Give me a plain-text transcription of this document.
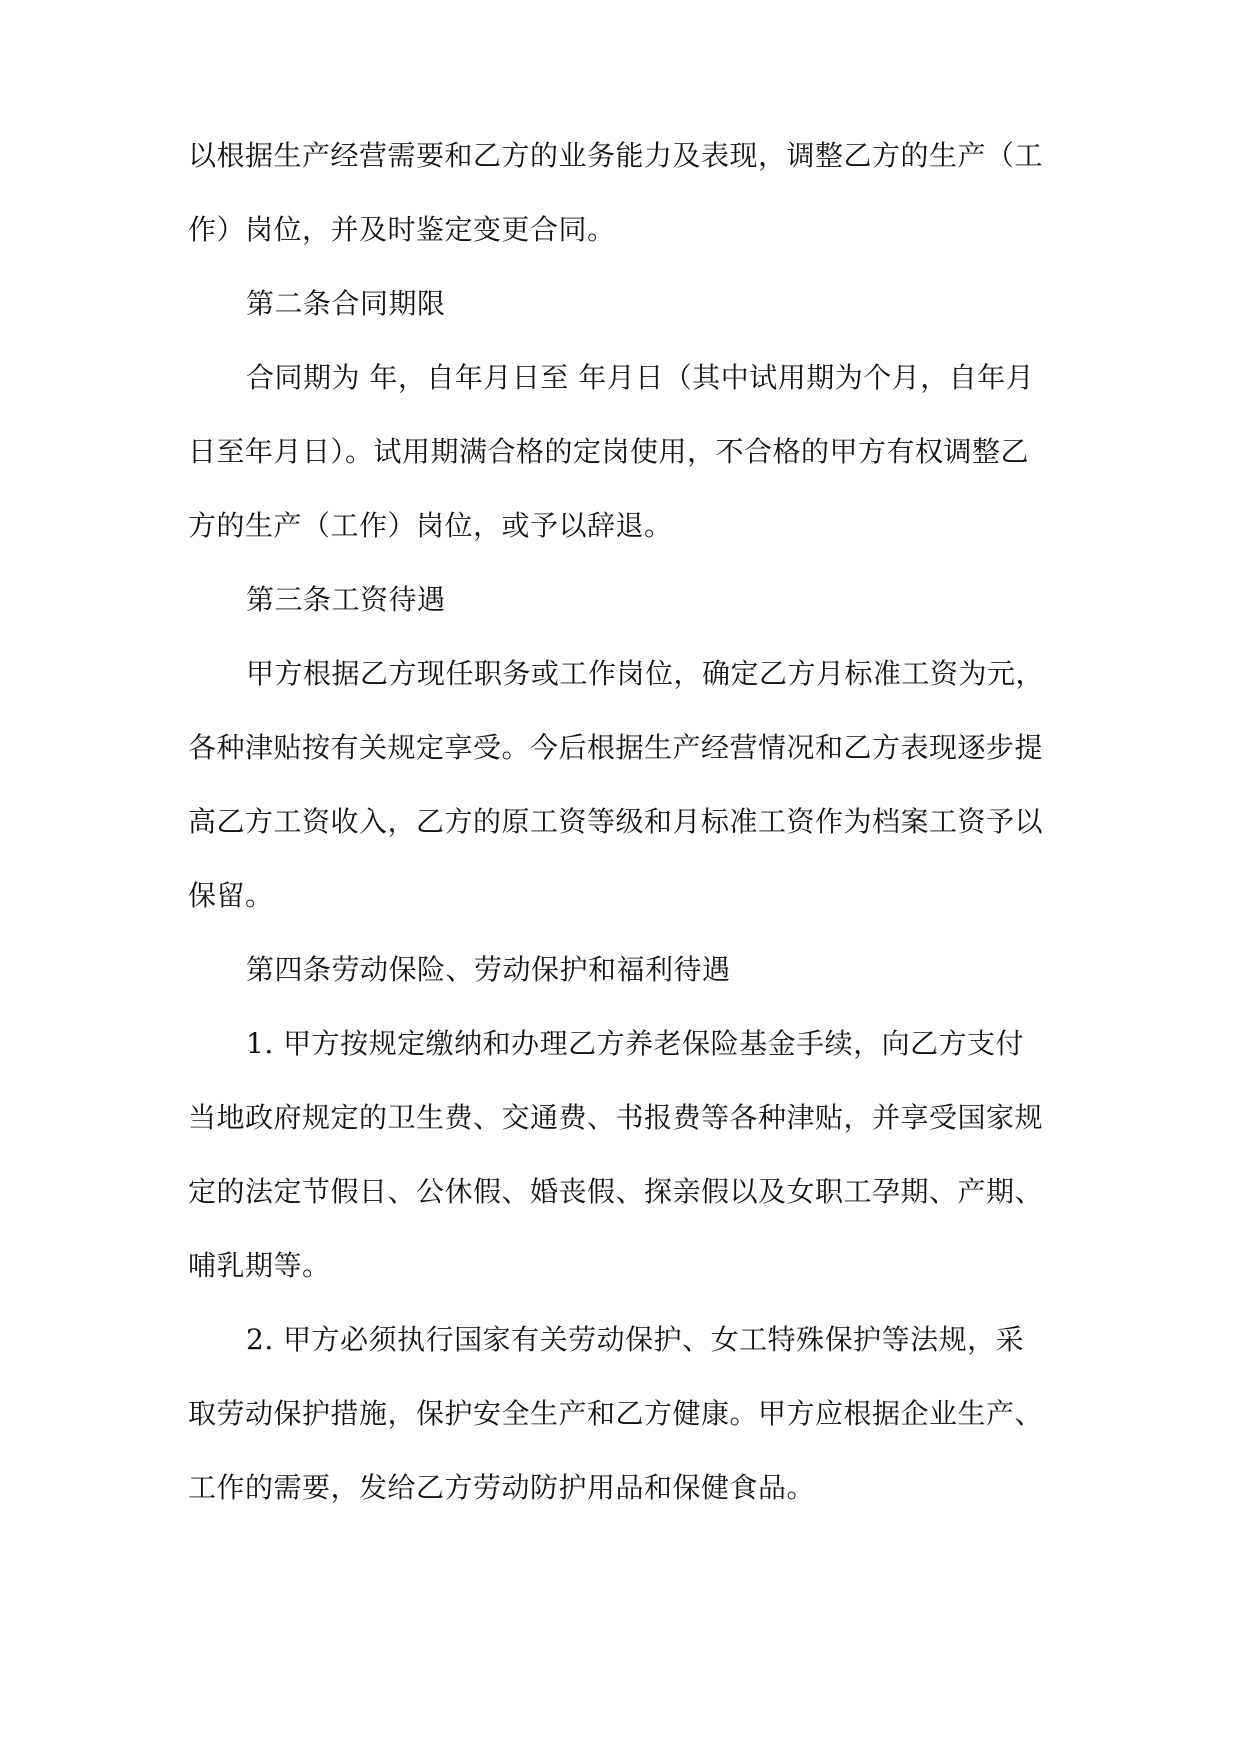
以根据生产经营需要和乙方的业务能力及表现，调整乙方的生产（工
作）岗位，并及时鉴定变更合同。
第二条合同期限
合同期为 年，自年月日至 年月日（其中试用期为个月，自年月
日至年月日）。试用期满合格的定岗使用，不合格的甲方有权调整乙
方的生产（工作）岗位，或予以辞退。
第三条工资待遇
甲方根据乙方现任职务或工作岗位，确定乙方月标准工资为元，
各种津贴按有关规定享受。今后根据生产经营情况和乙方表现逐步提
高乙方工资收入，乙方的原工资等级和月标准工资作为档案工资予以
保留。
第四条劳动保险、劳动保护和福利待遇
1. 甲方按规定缴纳和办理乙方养老保险基金手续，向乙方支付
当地政府规定的卫生费、交通费、书报费等各种津贴，并享受国家规
定的法定节假日、公休假、婚丧假、探亲假以及女职工孕期、产期、
哺乳期等。
2. 甲方必须执行国家有关劳动保护、女工特殊保护等法规，采
取劳动保护措施，保护安全生产和乙方健康。甲方应根据企业生产、
工作的需要，发给乙方劳动防护用品和保健食品。
